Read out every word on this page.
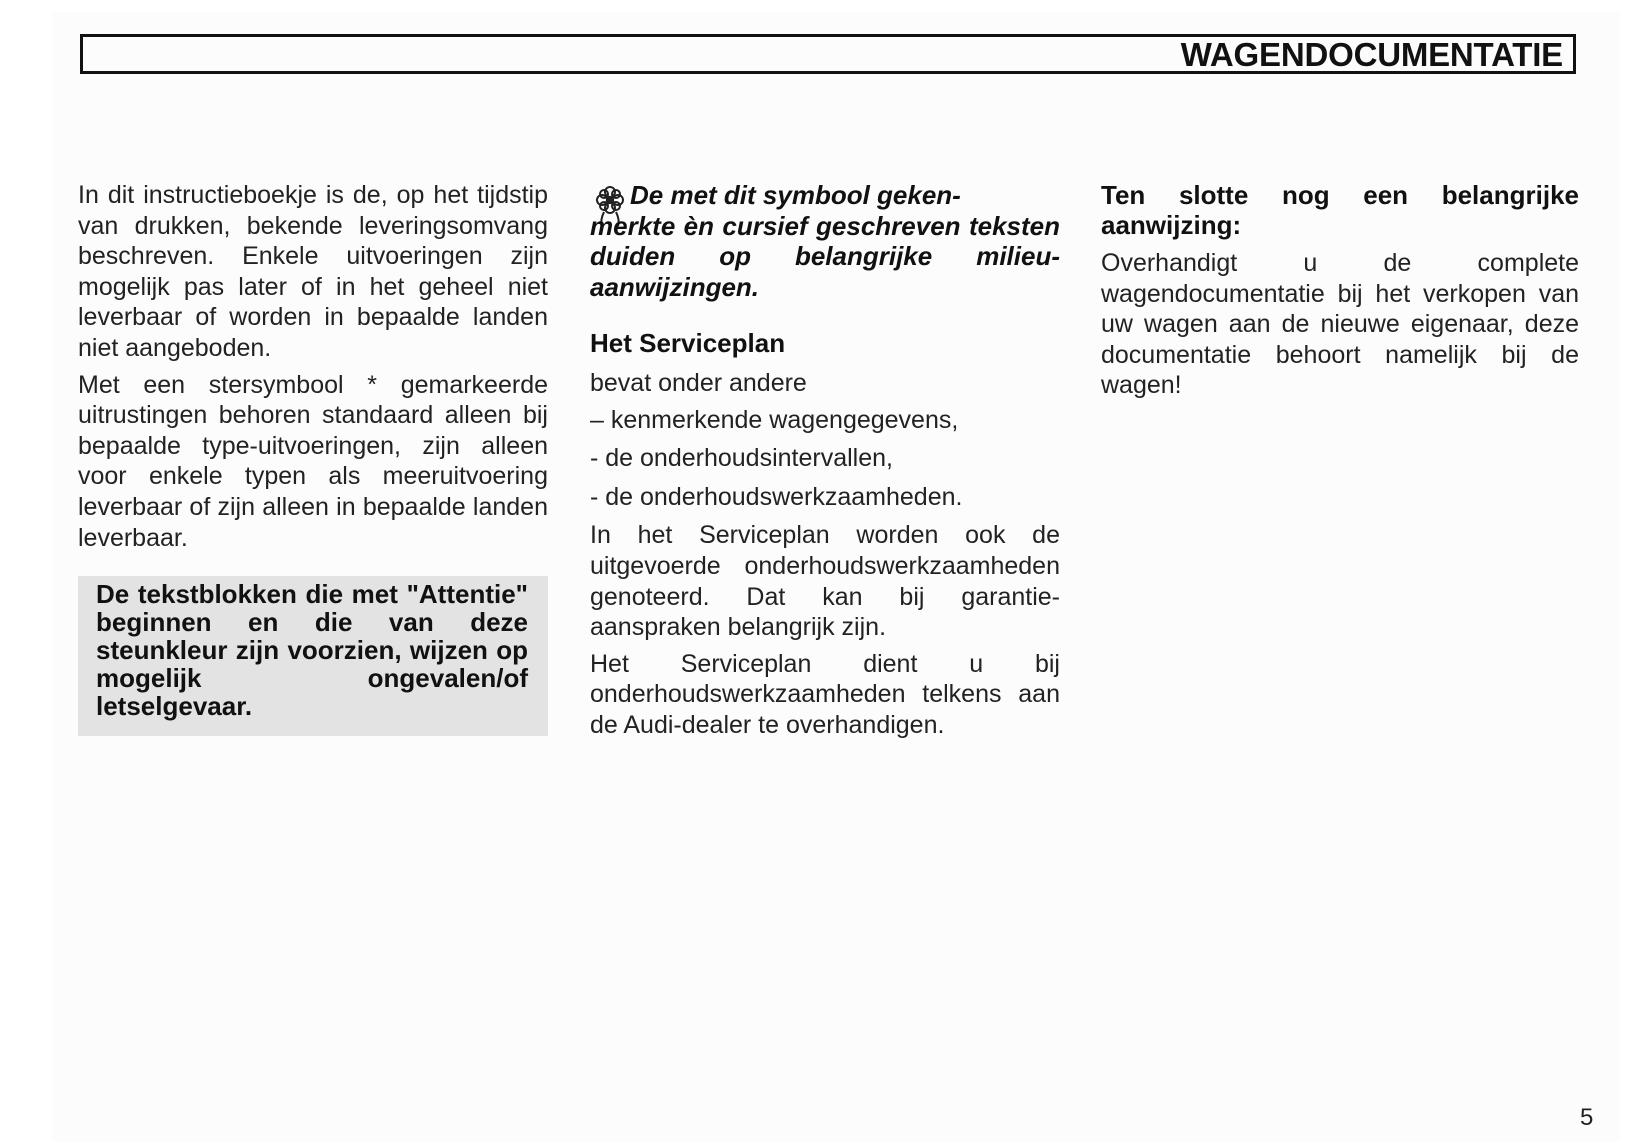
WAGENDOCUMENTATIE

In dit instructieboekje is de, op het tijdstip van drukken, bekende leveringsomvang beschreven. Enkele uitvoeringen zijn mogelijk pas later of in het geheel niet leverbaar of worden in bepaalde landen niet aangeboden.

Met een stersymbool * gemarkeerde uitrustingen behoren standaard alleen bij bepaalde type-uitvoeringen, zijn alleen voor enkele typen als meeruitvoering leverbaar of zijn alleen in bepaalde landen leverbaar.

De tekstblokken die met "Attentie" beginnen en die van deze steunkleur zijn voorzien, wijzen op mogelijk ongevalen/of letselgevaar.
De met dit symbool geken-
merkte èn cursief geschreven teksten duiden op belangrijke milieu-aanwijzingen.
Het Serviceplan

bevat onder andere

– kenmerkende wagengegevens,
- de onderhoudsintervallen,
- de onderhoudswerkzaamheden.

In het Serviceplan worden ook de uitgevoerde onderhoudswerkzaamheden genoteerd. Dat kan bij garantie-aanspraken belangrijk zijn.

Het Serviceplan dient u bij onderhoudswerkzaamheden telkens aan de Audi-dealer te overhandigen.

Ten slotte nog een belangrijke aanwijzing:

Overhandigt u de complete wagendocumentatie bij het verkopen van uw wagen aan de nieuwe eigenaar, deze documentatie behoort namelijk bij de wagen!

5
